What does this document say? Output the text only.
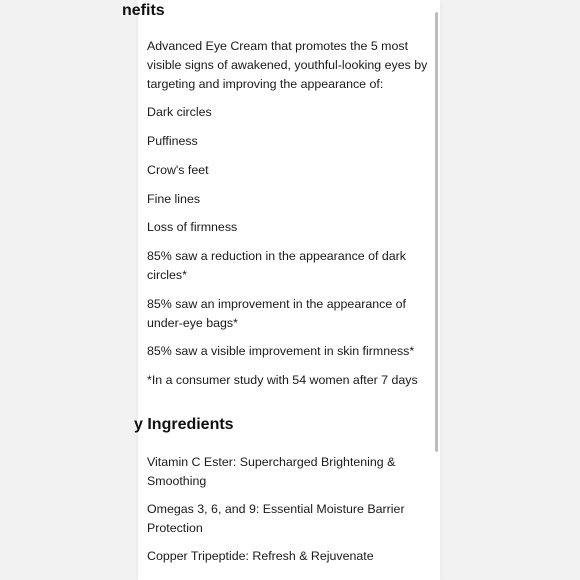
nefits

Advanced Eye Cream that promotes the 5 most visible signs of awakened, youthful-looking eyes by targeting and improving the appearance of:

Dark circles

Puffiness

Crow's feet

Fine lines

Loss of firmness

85% saw a reduction in the appearance of dark circles*

85% saw an improvement in the appearance of under-eye bags*

85% saw a visible improvement in skin firmness*

*In a consumer study with 54 women after 7 days

y Ingredients

Vitamin C Ester: Supercharged Brightening & Smoothing

Omegas 3, 6, and 9: Essential Moisture Barrier Protection

Copper Tripeptide: Refresh & Rejuvenate
